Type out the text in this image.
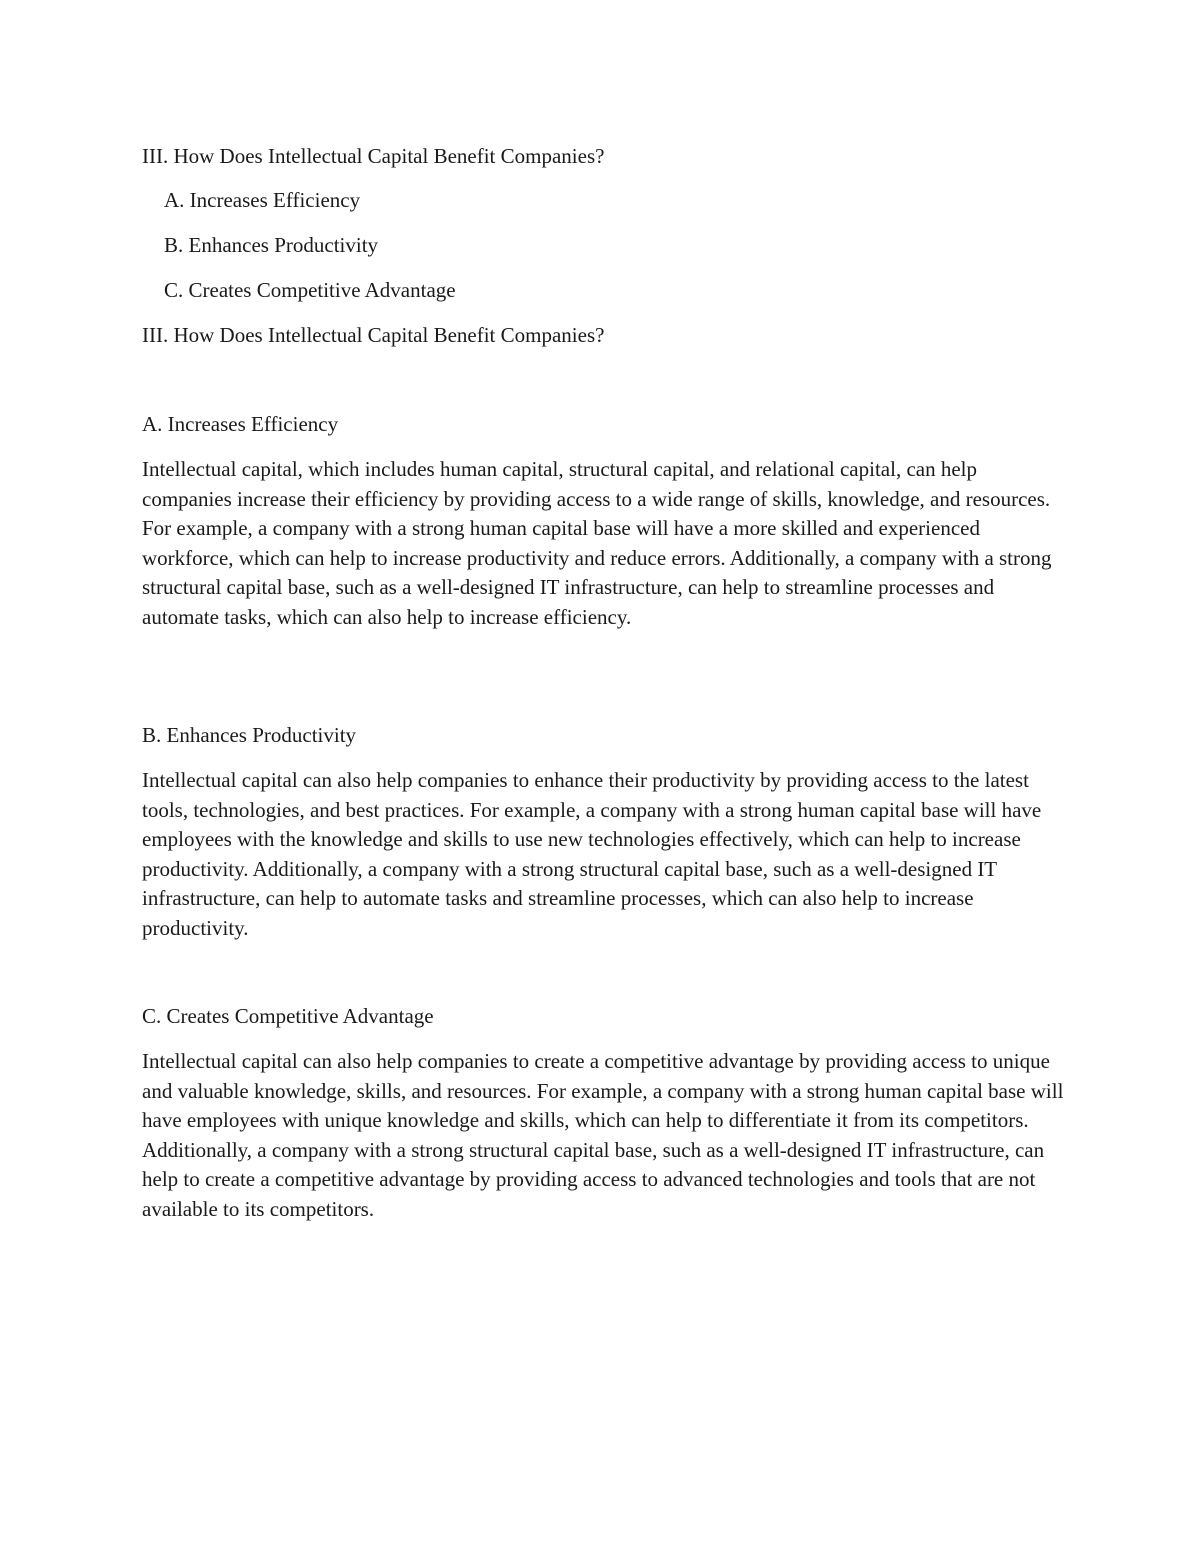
III. How Does Intellectual Capital Benefit Companies?

A. Increases Efficiency

B. Enhances Productivity

C. Creates Competitive Advantage

III. How Does Intellectual Capital Benefit Companies?

A. Increases Efficiency

Intellectual capital, which includes human capital, structural capital, and relational capital, can help companies increase their efficiency by providing access to a wide range of skills, knowledge, and resources. For example, a company with a strong human capital base will have a more skilled and experienced workforce, which can help to increase productivity and reduce errors. Additionally, a company with a strong structural capital base, such as a well-designed IT infrastructure, can help to streamline processes and automate tasks, which can also help to increase efficiency.

B. Enhances Productivity

Intellectual capital can also help companies to enhance their productivity by providing access to the latest tools, technologies, and best practices. For example, a company with a strong human capital base will have employees with the knowledge and skills to use new technologies effectively, which can help to increase productivity. Additionally, a company with a strong structural capital base, such as a well-designed IT infrastructure, can help to automate tasks and streamline processes, which can also help to increase productivity.

C. Creates Competitive Advantage

Intellectual capital can also help companies to create a competitive advantage by providing access to unique and valuable knowledge, skills, and resources. For example, a company with a strong human capital base will have employees with unique knowledge and skills, which can help to differentiate it from its competitors. Additionally, a company with a strong structural capital base, such as a well-designed IT infrastructure, can help to create a competitive advantage by providing access to advanced technologies and tools that are not available to its competitors.
